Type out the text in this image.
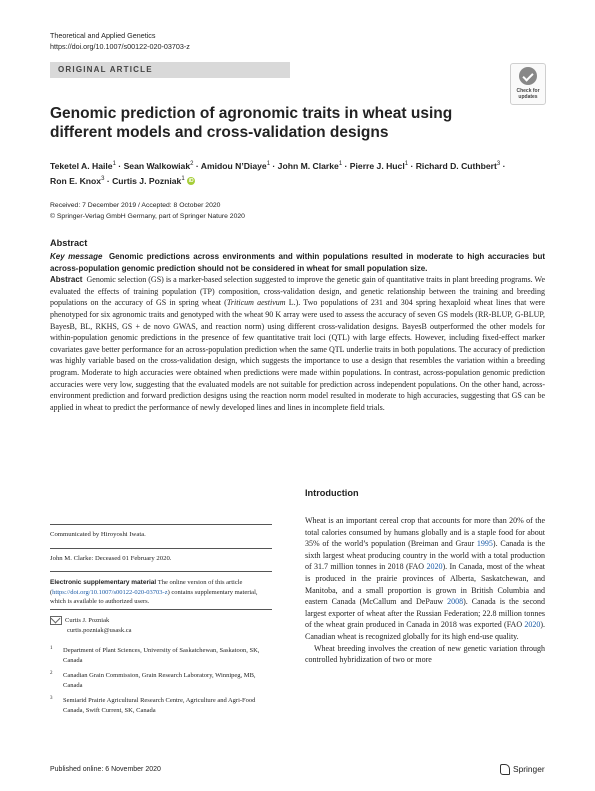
Theoretical and Applied Genetics
https://doi.org/10.1007/s00122-020-03703-z
ORIGINAL ARTICLE
Check for updates
Genomic prediction of agronomic traits in wheat using different models and cross-validation designs
Teketel A. Haile$^1$ · Sean Walkowiak$^2$ · Amidou N’Diaye$^1$ · John M. Clarke$^1$ · Pierre J. Hucl$^1$ · Richard D. Cuthbert$^3$ ·
Ron E. Knox$^3$ · Curtis J. Pozniak$^1$ iD
Received: 7 December 2019 / Accepted: 8 October 2020
© Springer-Verlag GmbH Germany, part of Springer Nature 2020
Abstract
Key message Genomic predictions across environments and within populations resulted in moderate to high accuracies but across-population genomic prediction should not be considered in wheat for small population size.
Abstract Genomic selection (GS) is a marker-based selection suggested to improve the genetic gain of quantitative traits in plant breeding programs. We evaluated the effects of training population (TP) composition, cross-validation design, and genetic relationship between the training and breeding populations on the accuracy of GS in spring wheat (Triticum aestivum L.). Two populations of 231 and 304 spring hexaploid wheat lines that were phenotyped for six agronomic traits and genotyped with the wheat 90 K array were used to assess the accuracy of seven GS models (RR-BLUP, G-BLUP, BayesB, BL, RKHS, GS + de novo GWAS, and reaction norm) using different cross-validation designs. BayesB outperformed the other models for within-population genomic predictions in the presence of few quantitative trait loci (QTL) with large effects. However, including fixed-effect marker covariates gave better performance for an across-population prediction when the same QTL underlie traits in both populations. The accuracy of prediction was highly variable based on the cross-validation design, which suggests the importance to use a design that resembles the variation within a breeding program. Moderate to high accuracies were obtained when predictions were made within populations. In contrast, across-population genomic prediction accuracies were very low, suggesting that the evaluated models are not suitable for prediction across independent populations. On the other hand, across-environment prediction and forward prediction designs using the reaction norm model resulted in moderate to high accuracies, suggesting that GS can be applied in wheat to predict the performance of newly developed lines and lines in incomplete field trials.
Communicated by Hiroyoshi Iwata.
John M. Clarke: Deceased 01 February 2020.
Electronic supplementary material The online version of this article (https://doi.org/10.1007/s00122-020-03703-z) contains supplementary material, which is available to authorized users.
Curtis J. Pozniak
curtis.pozniak@usask.ca
1 Department of Plant Sciences, University of Saskatchewan, Saskatoon, SK, Canada
2 Canadian Grain Commission, Grain Research Laboratory, Winnipeg, MB, Canada
3 Semiarid Prairie Agricultural Research Centre, Agriculture and Agri-Food Canada, Swift Current, SK, Canada
Introduction

Wheat is an important cereal crop that accounts for more than 20% of the total calories consumed by humans globally and is a staple food for about 35% of the world’s population (Breiman and Graur 1995). Canada is the sixth largest wheat producing country in the world with a total production of 31.7 million tonnes in 2018 (FAO 2020). In Canada, most of the wheat is produced in the prairie provinces of Alberta, Saskatchewan, and Manitoba, and a small proportion is grown in British Columbia and eastern Canada (McCallum and DePauw 2008). Canada is the second largest exporter of wheat after the Russian Federation; 22.8 million tonnes of the wheat grain produced in Canada in 2018 was exported (FAO 2020). Canadian wheat is recognized globally for its high end-use quality.

Wheat breeding involves the creation of new genetic variation through controlled hybridization of two or more

Published online: 6 November 2020	Springer
